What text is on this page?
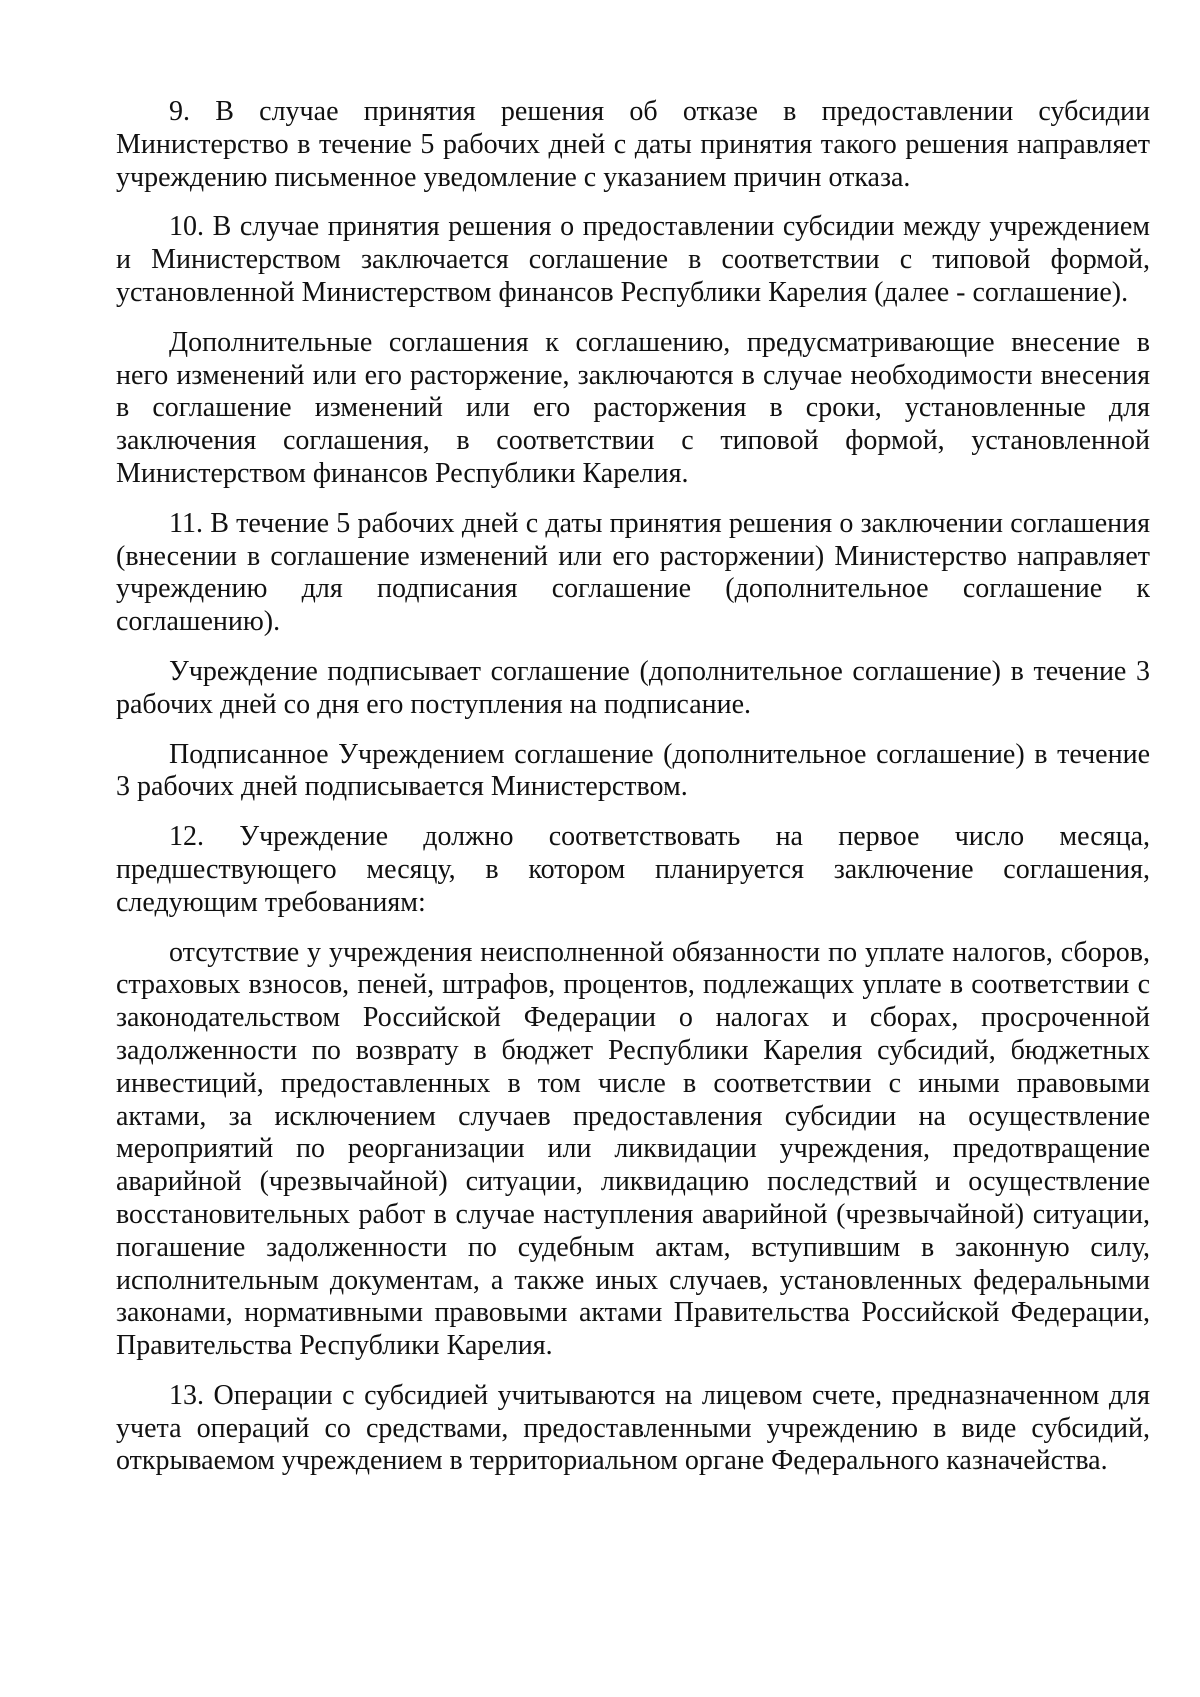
9. В случае принятия решения об отказе в предоставлении субсидии Министерство в течение 5 рабочих дней с даты принятия такого решения направляет учреждению письменное уведомление с указанием причин отказа.

10. В случае принятия решения о предоставлении субсидии между учреждением и Министерством заключается соглашение в соответствии с типовой формой, установленной Министерством финансов Республики Карелия (далее - соглашение).

Дополнительные соглашения к соглашению, предусматривающие внесение в него изменений или его расторжение, заключаются в случае необходимости внесения в соглашение изменений или его расторжения в сроки, установленные для заключения соглашения, в соответствии с типовой формой, установленной Министерством финансов Республики Карелия.

11. В течение 5 рабочих дней с даты принятия решения о заключении соглашения (внесении в соглашение изменений или его расторжении) Министерство направляет учреждению для подписания соглашение (дополнительное соглашение к соглашению).

Учреждение подписывает соглашение (дополнительное соглашение) в течение 3 рабочих дней со дня его поступления на подписание.

Подписанное Учреждением соглашение (дополнительное соглашение) в течение 3 рабочих дней подписывается Министерством.

12. Учреждение должно соответствовать на первое число месяца, предшествующего месяцу, в котором планируется заключение соглашения, следующим требованиям:

отсутствие у учреждения неисполненной обязанности по уплате налогов, сборов, страховых взносов, пеней, штрафов, процентов, подлежащих уплате в соответствии с законодательством Российской Федерации о налогах и сборах, просроченной задолженности по возврату в бюджет Республики Карелия субсидий, бюджетных инвестиций, предоставленных в том числе в соответствии с иными правовыми актами, за исключением случаев предоставления субсидии на осуществление мероприятий по реорганизации или ликвидации учреждения, предотвращение аварийной (чрезвычайной) ситуации, ликвидацию последствий и осуществление восстановительных работ в случае наступления аварийной (чрезвычайной) ситуации, погашение задолженности по судебным актам, вступившим в законную силу, исполнительным документам, а также иных случаев, установленных федеральными законами, нормативными правовыми актами Правительства Российской Федерации, Правительства Республики Карелия.

13. Операции с субсидией учитываются на лицевом счете, предназначенном для учета операций со средствами, предоставленными учреждению в виде субсидий, открываемом учреждением в территориальном органе Федерального казначейства.
